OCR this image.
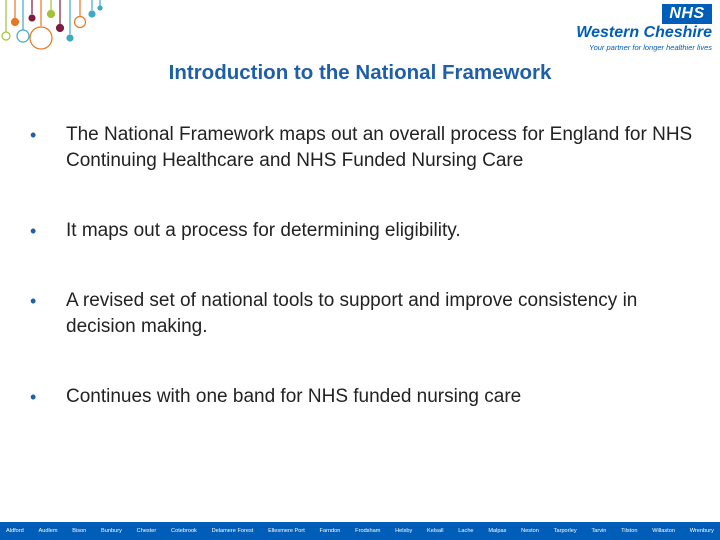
NHS
Western Cheshire
Your partner for longer healthier lives
Introduction to the National Framework
• The National Framework maps out an overall process for England for NHS Continuing Healthcare and NHS Funded Nursing Care
• It maps out a process for determining eligibility.
• A revised set of national tools to support and improve consistency in decision making.
• Continues with one band for NHS funded nursing care
Aldford	Audlem	Bison	Bunbury	Chester	Cotebrook	Delamere Forest	Ellesmere Port	Farndon	Frodsham	Helsby	Kelsall	Lache	Malpas	Neston	Tarporley	Tarvin	Tilston	Willaston	Wrenbury
